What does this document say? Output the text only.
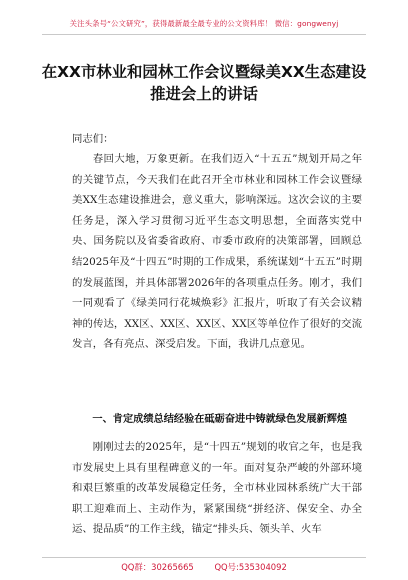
关注头条号“公文研究”，获得最新最全最专业的公文资料库！ 微信：gongwenyj
在XX市林业和园林工作会议暨绿美XX生态建设推进会上的讲话
同志们：

春回大地，万象更新。在我们迈入“十五五”规划开局之年的关键节点，今天我们在此召开全市林业和园林工作会议暨绿美XX生态建设推进会，意义重大，影响深远。这次会议的主要任务是，深入学习贯彻习近平生态文明思想，全面落实党中央、国务院以及省委省政府、市委市政府的决策部署，回顾总结2025年及“十四五”时期的工作成果，系统谋划“十五五”时期的发展蓝图，并具体部署2026年的各项重点任务。刚才，我们一同观看了《绿美同行花城焕彩》汇报片，听取了有关会议精神的传达，XX区、XX区、XX区、XX区等单位作了很好的交流发言，各有亮点、深受启发。下面，我讲几点意见。

一、肯定成绩总结经验在砥砺奋进中铸就绿色发展新辉煌

刚刚过去的2025年，是“十四五”规划的收官之年，也是我市发展史上具有里程碑意义的一年。面对复杂严峻的外部环境和艰巨繁重的改革发展稳定任务，全市林业园林系统广大干部职工迎难而上、主动作为，紧紧围绕“拼经济、保安全、办全运、提品质”的工作主线，锚定“排头兵、领头羊、火车

QQ群：30265665 QQ号:535304092
